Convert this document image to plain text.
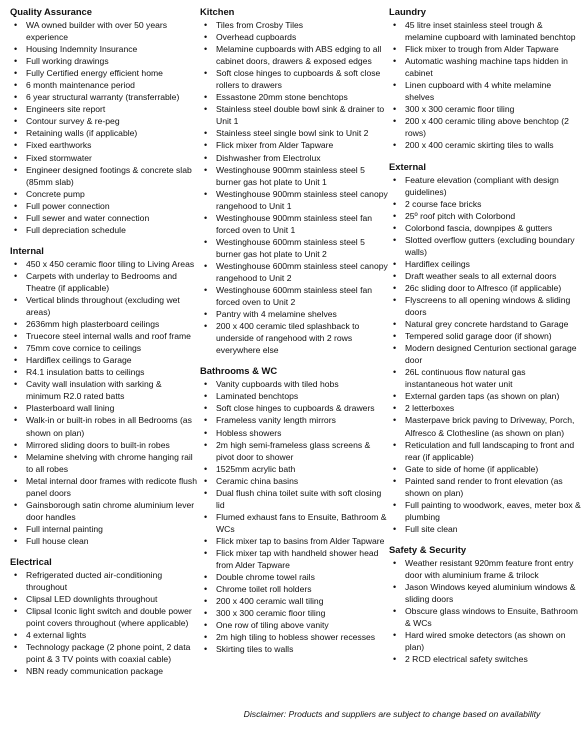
Quality Assurance
• WA owned builder with over 50 years experience
• Housing Indemnity Insurance
• Full working drawings
• Fully Certified energy efficient home
• 6 month maintenance period
• 6 year structural warranty (transferrable)
• Engineers site report
• Contour survey & re-peg
• Retaining walls (if applicable)
• Fixed earthworks
• Fixed stormwater
• Engineer designed footings & concrete slab (85mm slab)
• Concrete pump
• Full power connection
• Full sewer and water connection
• Full depreciation schedule
Internal
• 450 x 450 ceramic floor tiling to Living Areas
• Carpets with underlay to Bedrooms and Theatre (if applicable)
• Vertical blinds throughout (excluding wet areas)
• 2636mm high plasterboard ceilings
• Truecore steel internal walls and roof frame
• 75mm cove cornice to ceilings
• Hardiflex ceilings to Garage
• R4.1 insulation batts to ceilings
• Cavity wall insulation with sarking & minimum R2.0 rated batts
• Plasterboard wall lining
• Walk-in or built-in robes in all Bedrooms (as shown on plan)
• Mirrored sliding doors to built-in robes
• Melamine shelving with chrome hanging rail to all robes
• Metal internal door frames with redicote flush panel doors
• Gainsborough satin chrome aluminium lever door handles
• Full internal painting
• Full house clean
Electrical
• Refrigerated ducted air-conditioning throughout
• Clipsal LED downlights throughout
• Clipsal Iconic light switch and double power point covers throughout (where applicable)
• 4 external lights
• Technology package (2 phone point, 2 data point & 3 TV points with coaxial cable)
• NBN ready communication package
Kitchen
• Tiles from Crosby Tiles
• Overhead cupboards
• Melamine cupboards with ABS edging to all cabinet doors, drawers & exposed edges
• Soft close hinges to cupboards & soft close rollers to drawers
• Essastone 20mm stone benchtops
• Stainless steel double bowl sink & drainer to Unit 1
• Stainless steel single bowl sink to Unit 2
• Flick mixer from Alder Tapware
• Dishwasher from Electrolux
• Westinghouse 900mm stainless steel 5 burner gas hot plate to Unit 1
• Westinghouse 900mm stainless steel canopy rangehood to Unit 1
• Westinghouse 900mm stainless steel fan forced oven to Unit 1
• Westinghouse 600mm stainless steel 5 burner gas hot plate to Unit 2
• Westinghouse 600mm stainless steel canopy rangehood to Unit 2
• Westinghouse 600mm stainless steel fan forced oven to Unit 2
• Pantry with 4 melamine shelves
• 200 x 400 ceramic tiled splashback to underside of rangehood with 2 rows everywhere else
Bathrooms & WC
• Vanity cupboards with tiled hobs
• Laminated benchtops
• Soft close hinges to cupboards & drawers
• Frameless vanity length mirrors
• Hobless showers
• 2m high semi-frameless glass screens & pivot door to shower
• 1525mm acrylic bath
• Ceramic china basins
• Dual flush china toilet suite with soft closing lid
• Flumed exhaust fans to Ensuite, Bathroom & WCs
• Flick mixer tap to basins from Alder Tapware
• Flick mixer tap with handheld shower head from Alder Tapware
• Double chrome towel rails
• Chrome toilet roll holders
• 200 x 400 ceramic wall tiling
• 300 x 300 ceramic floor tiling
• One row of tiling above vanity
• 2m high tiling to hobless shower recesses
• Skirting tiles to walls
Laundry
• 45 litre inset stainless steel trough & melamine cupboard with laminated benchtop
• Flick mixer to trough from Alder Tapware
• Automatic washing machine taps hidden in cabinet
• Linen cupboard with 4 white melamine shelves
• 300 x 300 ceramic floor tiling
• 200 x 400 ceramic tiling above benchtop (2 rows)
• 200 x 400 ceramic skirting tiles to walls
External
• Feature elevation (compliant with design guidelines)
• 2 course face bricks
• 25º roof pitch with Colorbond
• Colorbond fascia, downpipes & gutters
• Slotted overflow gutters (excluding boundary walls)
• Hardiflex ceilings
• Draft weather seals to all external doors
• 26c sliding door to Alfresco (if applicable)
• Flyscreens to all opening windows & sliding doors
• Natural grey concrete hardstand to Garage
• Tempered solid garage door (if shown)
• Modern designed Centurion sectional garage door
• 26L continuous flow natural gas instantaneous hot water unit
• External garden taps (as shown on plan)
• 2 letterboxes
• Masterpave brick paving to Driveway, Porch, Alfresco & Clothesline (as shown on plan)
• Reticulation and full landscaping to front and rear (if applicable)
• Gate to side of home (if applicable)
• Painted sand render to front elevation (as shown on plan)
• Full painting to woodwork, eaves, meter box & plumbing
• Full site clean
Safety & Security
• Weather resistant 920mm feature front entry door with aluminium frame & trilock
• Jason Windows keyed aluminium windows & sliding doors
• Obscure glass windows to Ensuite, Bathroom & WCs
• Hard wired smoke detectors (as shown on plan)
• 2 RCD electrical safety switches
Disclaimer: Products and suppliers are subject to change based on availability
